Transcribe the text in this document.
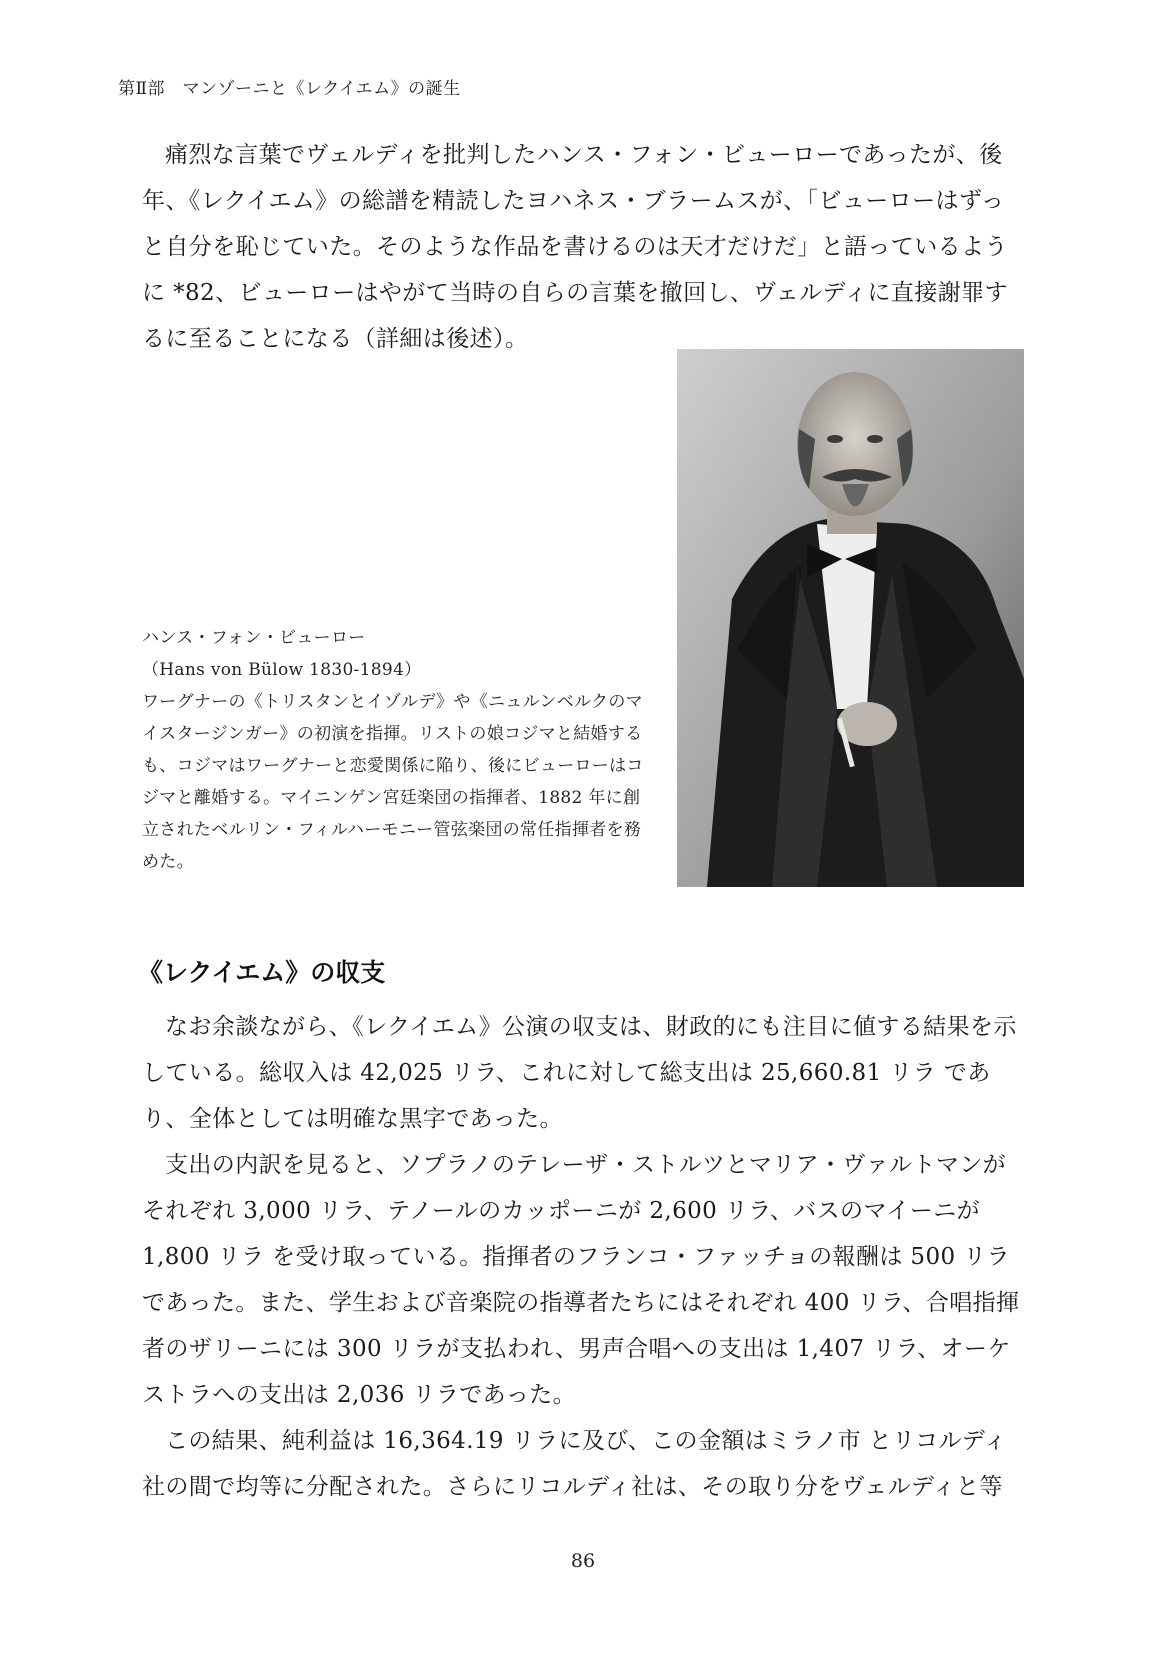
第Ⅱ部　マンゾーニと《レクイエム》の誕生

痛烈な言葉でヴェルディを批判したハンス・フォン・ビューローであったが、後年、《レクイエム》の総譜を精読したヨハネス・ブラームスが、「ビューローはずっと自分を恥じていた。そのような作品を書けるのは天才だけだ」と語っているように *82、ビューローはやがて当時の自らの言葉を撤回し、ヴェルディに直接謝罪するに至ることになる（詳細は後述）。

ハンス・フォン・ビューロー
（Hans von Bülow 1830-1894）
ワーグナーの《トリスタンとイゾルデ》や《ニュルンベルクのマイスタージンガー》の初演を指揮。リストの娘コジマと結婚するも、コジマはワーグナーと恋愛関係に陥り、後にビューローはコジマと離婚する。マイニンゲン宮廷楽団の指揮者、1882 年に創立されたベルリン・フィルハーモニー管弦楽団の常任指揮者を務めた。
《レクイエム》の収支

なお余談ながら、《レクイエム》公演の収支は、財政的にも注目に値する結果を示している。総収入は 42,025 リラ、これに対して総支出は 25,660.81 リラ であり、全体としては明確な黒字であった。

支出の内訳を見ると、ソプラノのテレーザ・ストルツとマリア・ヴァルトマンがそれぞれ 3,000 リラ、テノールのカッポーニが 2,600 リラ、バスのマイーニが 1,800 リラ を受け取っている。指揮者のフランコ・ファッチョの報酬は 500 リラであった。また、学生および音楽院の指導者たちにはそれぞれ 400 リラ、合唱指揮者のザリーニには 300 リラが支払われ、男声合唱への支出は 1,407 リラ、オーケストラへの支出は 2,036 リラであった。

この結果、純利益は 16,364.19 リラに及び、この金額はミラノ市 とリコルディ社の間で均等に分配された。さらにリコルディ社は、その取り分をヴェルディと等

86
